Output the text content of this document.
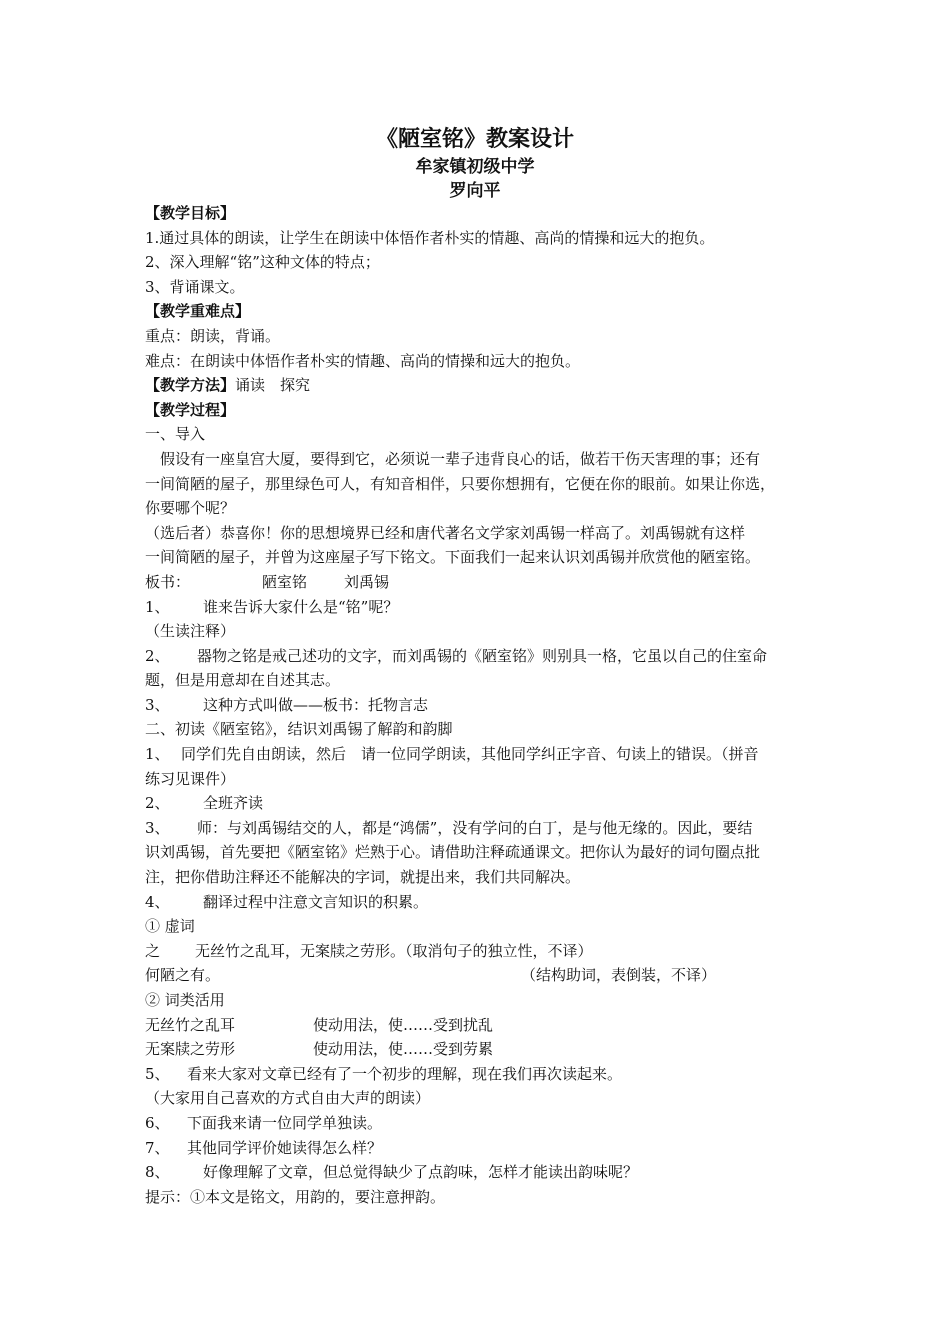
《陋室铭》教案设计
牟家镇初级中学
罗向平
【教学目标】
1.通过具体的朗读，让学生在朗读中体悟作者朴实的情趣、高尚的情操和远大的抱负。
2、深入理解“铭”这种文体的特点；
3、背诵课文。
【教学重难点】
重点：朗读，背诵。
难点：在朗读中体悟作者朴实的情趣、高尚的情操和远大的抱负。
【教学方法】诵读　探究
【教学过程】
一、导入
　假设有一座皇宫大厦，要得到它，必须说一辈子违背良心的话，做若干伤天害理的事；还有
一间简陋的屋子，那里绿色可人，有知音相伴，只要你想拥有，它便在你的眼前。如果让你选，
你要哪个呢？
（选后者）恭喜你！你的思想境界已经和唐代著名文学家刘禹锡一样高了。刘禹锡就有这样
一间简陋的屋子，并曾为这座屋子写下铭文。下面我们一起来认识刘禹锡并欣赏他的陋室铭。
板书：	陋室铭 刘禹锡
1、 谁来告诉大家什么是“铭”呢？
（生读注释）
2、 器物之铭是戒己述功的文字，而刘禹锡的《陋室铭》则别具一格，它虽以自己的住室命
题，但是用意却在自述其志。
3、 这种方式叫做——板书：托物言志
二、初读《陋室铭》，结识刘禹锡了解韵和韵脚
1、 同学们先自由朗读，然后　请一位同学朗读，其他同学纠正字音、句读上的错误。（拼音
练习见课件）
2、 全班齐读
3、 师：与刘禹锡结交的人，都是“鸿儒”，没有学问的白丁，是与他无缘的。因此，要结
识刘禹锡，首先要把《陋室铭》烂熟于心。请借助注释疏通课文。把你认为最好的词句圈点批
注，把你借助注释还不能解决的字词，就提出来，我们共同解决。
4、 翻译过程中注意文言知识的积累。
① 虚词
之 无丝竹之乱耳，无案牍之劳形。（取消句子的独立性，不译）
何陋之有。	（结构助词，表倒装，不译）
② 词类活用
无丝竹之乱耳	使动用法，使……受到扰乱
无案牍之劳形	使动用法，使……受到劳累
5、 看来大家对文章已经有了一个初步的理解，现在我们再次读起来。
（大家用自己喜欢的方式自由大声的朗读）
6、 下面我来请一位同学单独读。
7、 其他同学评价她读得怎么样？
8、 好像理解了文章，但总觉得缺少了点韵味，怎样才能读出韵味呢？
提示：①本文是铭文，用韵的，要注意押韵。
